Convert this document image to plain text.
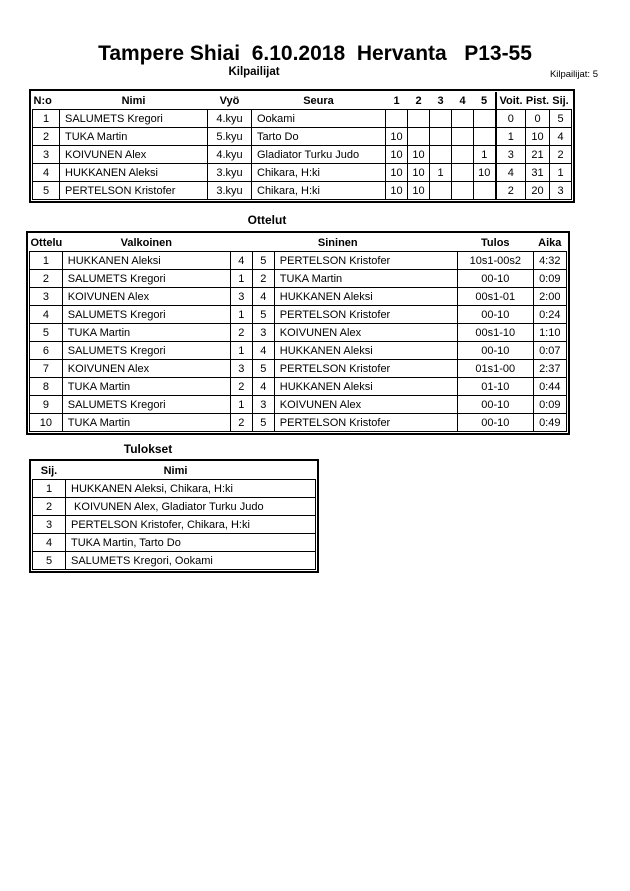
Tampere Shiai  6.10.2018  Hervanta   P13-55
Kilpailijat	Kilpailijat: 5
N:o	Nimi	Vyö	Seura	1	2	3	4	5	Voit.	Pist.	Sij.
1	SALUMETS Kregori	4.kyu	Ookami						0	0	5
2	TUKA Martin	5.kyu	Tarto Do	10					1	10	4
3	KOIVUNEN Alex	4.kyu	Gladiator Turku Judo	10	10			1	3	21	2
4	HUKKANEN Aleksi	3.kyu	Chikara, H:ki	10	10	1		10	4	31	1
5	PERTELSON Kristofer	3.kyu	Chikara, H:ki	10	10				2	20	3
Ottelut
Ottelu	Valkoinen			Sininen	Tulos	Aika
1	HUKKANEN Aleksi	4	5	PERTELSON Kristofer	10s1-00s2	4:32
2	SALUMETS Kregori	1	2	TUKA Martin	00-10	0:09
3	KOIVUNEN Alex	3	4	HUKKANEN Aleksi	00s1-01	2:00
4	SALUMETS Kregori	1	5	PERTELSON Kristofer	00-10	0:24
5	TUKA Martin	2	3	KOIVUNEN Alex	00s1-10	1:10
6	SALUMETS Kregori	1	4	HUKKANEN Aleksi	00-10	0:07
7	KOIVUNEN Alex	3	5	PERTELSON Kristofer	01s1-00	2:37
8	TUKA Martin	2	4	HUKKANEN Aleksi	01-10	0:44
9	SALUMETS Kregori	1	3	KOIVUNEN Alex	00-10	0:09
10	TUKA Martin	2	5	PERTELSON Kristofer	00-10	0:49
Tulokset
Sij.	Nimi
1	HUKKANEN Aleksi, Chikara, H:ki
2	KOIVUNEN Alex, Gladiator Turku Judo
3	PERTELSON Kristofer, Chikara, H:ki
4	TUKA Martin, Tarto Do
5	SALUMETS Kregori, Ookami
